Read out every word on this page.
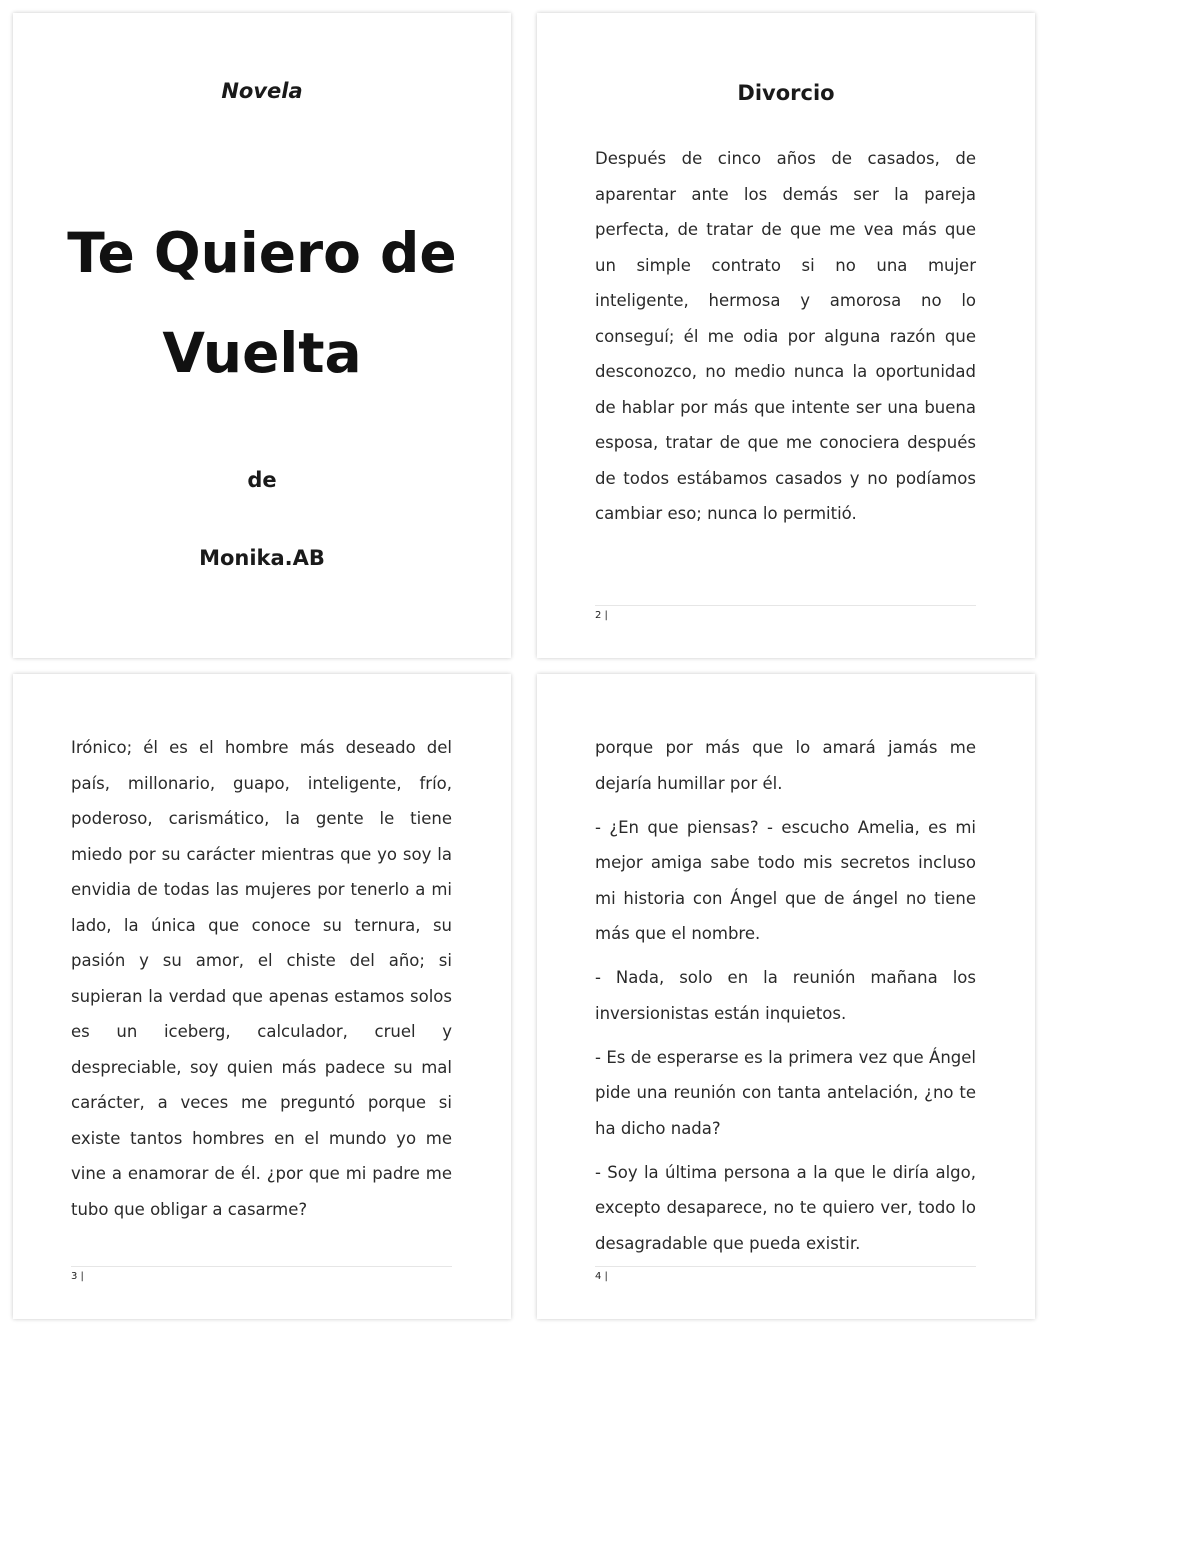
Novela
Te Quiero de Vuelta
de
Monika.AB
Divorcio

Después de cinco años de casados, de aparentar ante los demás ser la pareja perfecta, de tratar de que me vea más que un simple contrato si no una mujer inteligente, hermosa y amorosa no lo conseguí; él me odia por alguna razón que desconozco, no medio nunca la oportunidad de hablar por más que intente ser una buena esposa, tratar de que me conociera después de todos estábamos casados y no podíamos cambiar eso; nunca lo permitió.

2 |

Irónico; él es el hombre más deseado del país, millonario, guapo, inteligente, frío, poderoso, carismático, la gente le tiene miedo por su carácter mientras que yo soy la envidia de todas las mujeres por tenerlo a mi lado, la única que conoce su ternura, su pasión y su amor, el chiste del año; si supieran la verdad que apenas estamos solos es un iceberg, calculador, cruel y despreciable, soy quien más padece su mal carácter, a veces me preguntó porque si existe tantos hombres en el mundo yo me vine a enamorar de él. ¿por que mi padre me tubo que obligar a casarme?

3 |

porque por más que lo amará jamás me dejaría humillar por él.

- ¿En que piensas? - escucho Amelia, es mi mejor amiga sabe todo mis secretos incluso mi historia con Ángel que de ángel no tiene más que el nombre.

- Nada, solo en la reunión mañana los inversionistas están inquietos.

- Es de esperarse es la primera vez que Ángel pide una reunión con tanta antelación, ¿no te ha dicho nada?

- Soy la última persona a la que le diría algo, excepto desaparece, no te quiero ver, todo lo desagradable que pueda existir.

4 |
